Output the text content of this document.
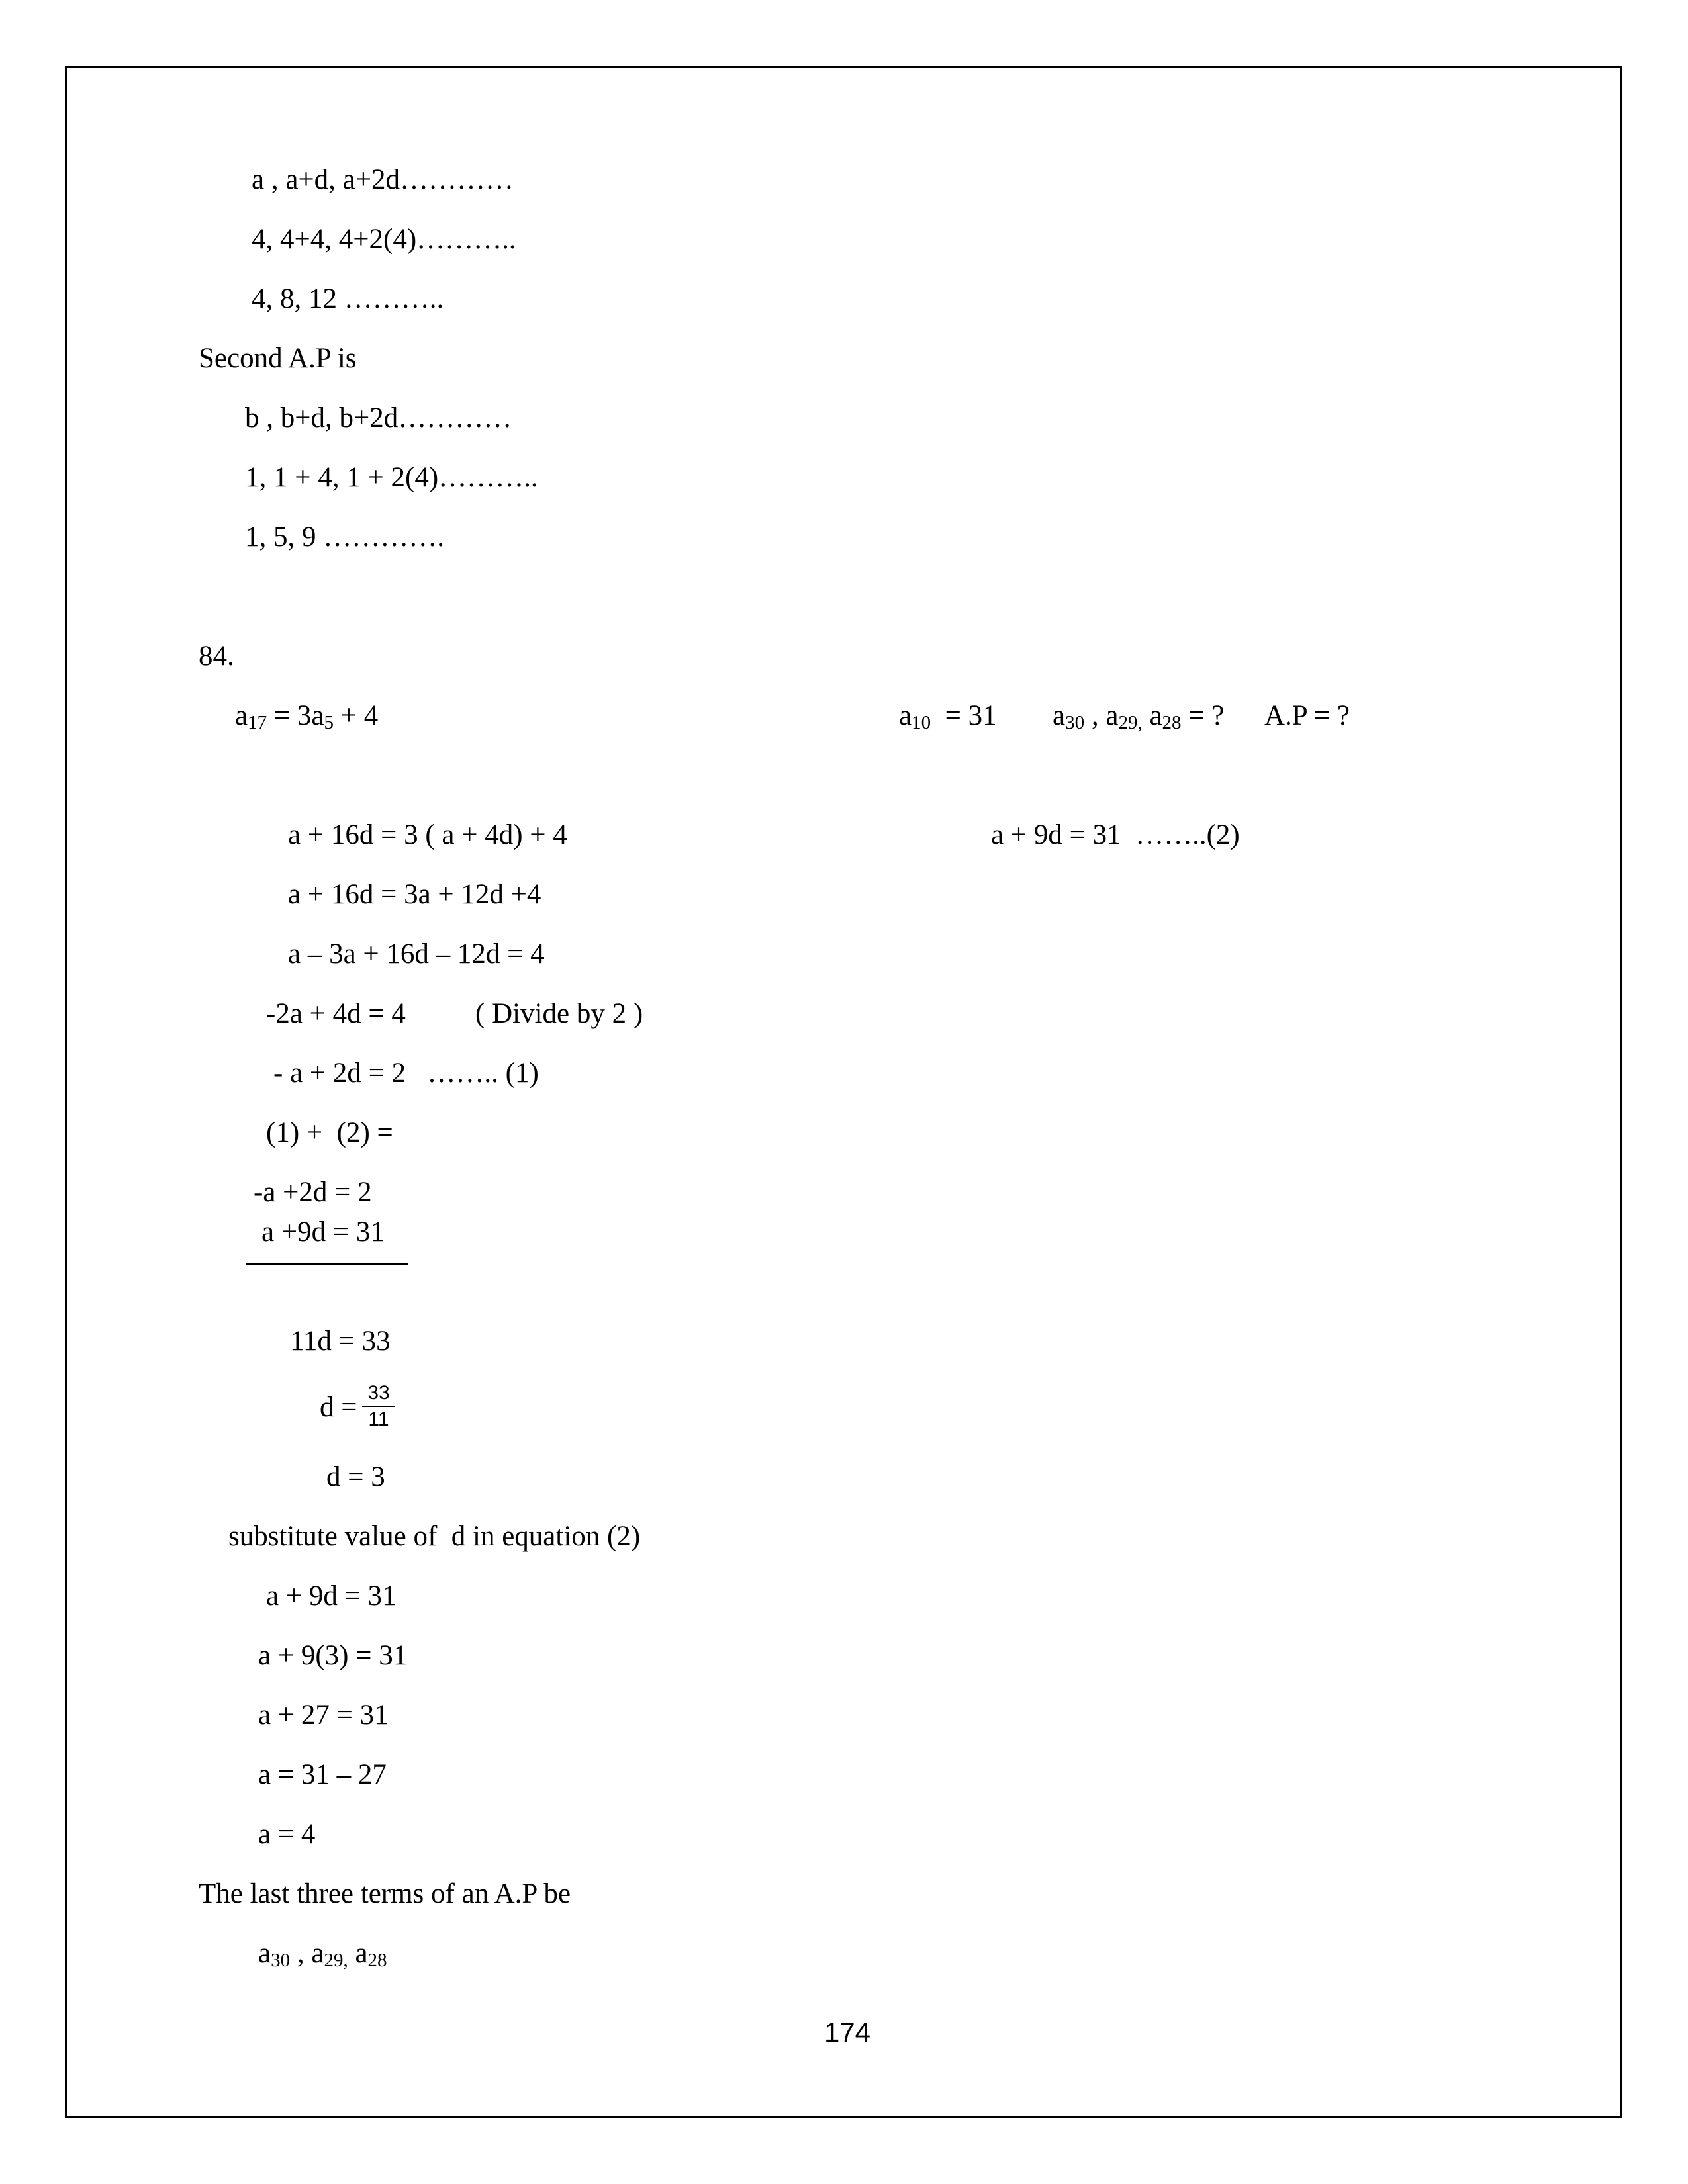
a , a+d, a+2d…………
4, 4+4, 4+2(4)………..
4, 8, 12 ………..
Second A.P is
b , b+d, b+2d…………
1, 1 + 4, 1 + 2(4)………..
1, 5, 9 ………….
84.
$a_{17} = 3a_5 + 4$	$a_{10} = 31$ $a_{30}$ , $a_{29,}$ $a_{28}$ = ? A.P = ?
a + 16d = 3 ( a + 4d) + 4	a + 9d = 31  ……..(2)
a + 16d = 3a + 12d +4
a – 3a + 16d – 12d = 4
-2a + 4d = 4 ( Divide by 2 )
- a + 2d = 2   …….. (1)
(1) +  (2) =
-a +2d = 2
a +9d = 31
11d = 33
d = 33
11
d = 3
substitute value of  d in equation (2)
a + 9d = 31
a + 9(3) = 31
a + 27 = 31
a = 31 – 27
a = 4
The last three terms of an A.P be
$a_{30}$ , $a_{29,}$ $a_{28}$
174
